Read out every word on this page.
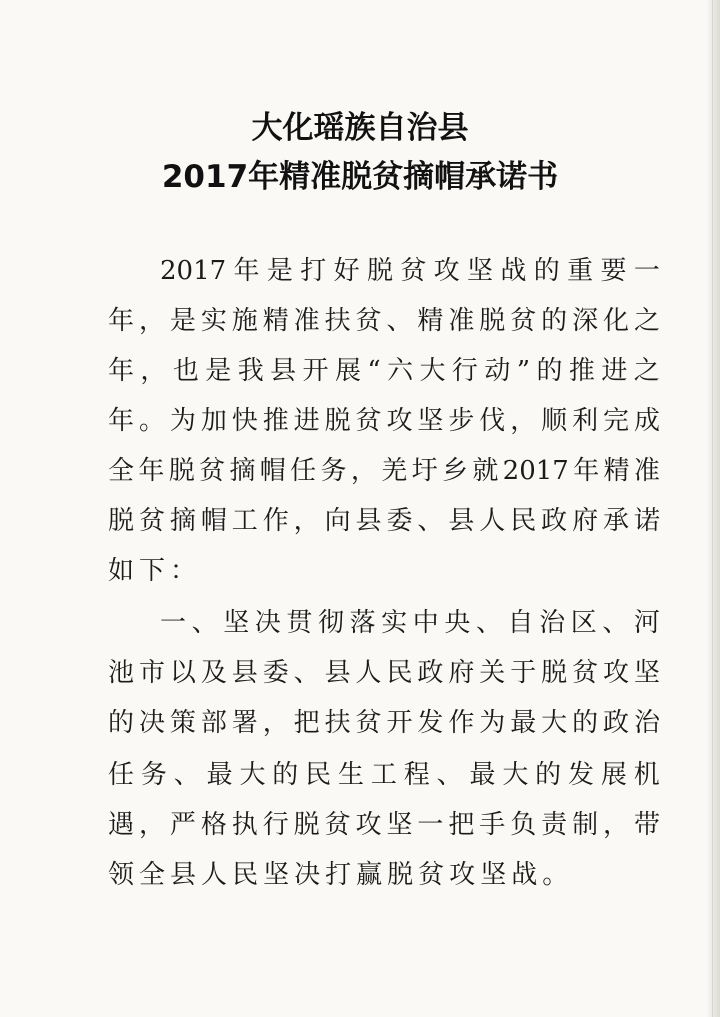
大化瑶族自治县
2017年精准脱贫摘帽承诺书
2017 年 是 打 好 脱 贫 攻 坚 战 的 重 要 一
年 ， 是 实 施 精 准 扶 贫 、 精 准 脱 贫 的 深 化 之
年 ， 也 是 我 县 开 展 “ 六 大 行 动 ” 的 推 进 之
年 。 为 加 快 推 进 脱 贫 攻 坚 步 伐 ， 顺 利 完 成
全 年 脱 贫 摘 帽 任 务 ， 羌 圩 乡 就 2017 年 精 准
脱 贫 摘 帽 工 作 ， 向 县 委 、 县 人 民 政 府 承 诺
如 下 ：
一 、 坚 决 贯 彻 落 实 中 央 、 自 治 区 、 河
池 市 以 及 县 委 、 县 人 民 政 府 关 于 脱 贫 攻 坚
的 决 策 部 署 ， 把 扶 贫 开 发 作 为 最 大 的 政 治
任 务 、 最 大 的 民 生 工 程 、 最 大 的 发 展 机
遇 ， 严 格 执 行 脱 贫 攻 坚 一 把 手 负 责 制 ， 带
领 全 县 人 民 坚 决 打 赢 脱 贫 攻 坚 战 。
